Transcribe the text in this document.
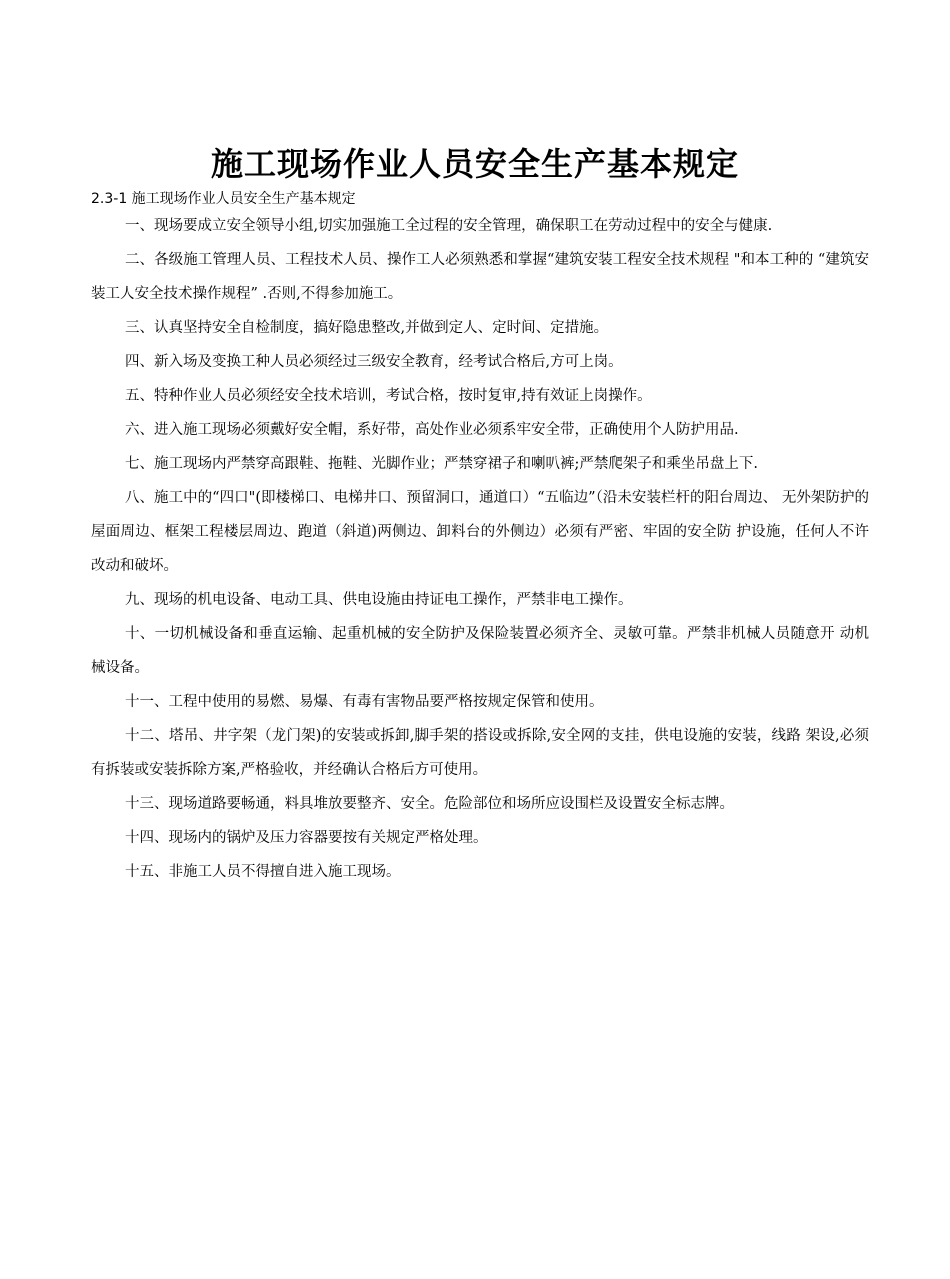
施工现场作业人员安全生产基本规定

2.3-1 施工现场作业人员安全生产基本规定

一、现场要成立安全领导小组,切实加强施工全过程的安全管理，确保职工在劳动过程中的安全与健康.

二、各级施工管理人员、工程技术人员、操作工人必须熟悉和掌握“建筑安装工程安全技术规程 "和本工种的 “建筑安装工人安全技术操作规程” .否则,不得参加施工。

三、认真坚持安全自检制度，搞好隐患整改,并做到定人、定时间、定措施。

四、新入场及变换工种人员必须经过三级安全教育，经考试合格后,方可上岗。

五、特种作业人员必须经安全技术培训，考试合格，按时复审,持有效证上岗操作。

六、进入施工现场必须戴好安全帽，系好带，高处作业必须系牢安全带，正确使用个人防护用品.

七、施工现场内严禁穿高跟鞋、拖鞋、光脚作业；严禁穿裙子和喇叭裤;严禁爬架子和乘坐吊盘上下.

八、施工中的“四口"(即楼梯口、电梯井口、预留洞口，通道口）“五临边”（沿未安装栏杆的阳台周边、 无外架防护的屋面周边、框架工程楼层周边、跑道（斜道)两侧边、卸料台的外侧边）必须有严密、牢固的安全防 护设施，任何人不许改动和破坏。

九、现场的机电设备、电动工具、供电设施由持证电工操作，严禁非电工操作。

十、一切机械设备和垂直运输、起重机械的安全防护及保险装置必须齐全、灵敏可靠。严禁非机械人员随意开 动机械设备。

十一、工程中使用的易燃、易爆、有毒有害物品要严格按规定保管和使用。

十二、塔吊、井字架（龙门架)的安装或拆卸,脚手架的搭设或拆除,安全网的支挂，供电设施的安装，线路 架设,必须有拆装或安装拆除方案,严格验收，并经确认合格后方可使用。

十三、现场道路要畅通，料具堆放要整齐、安全。危险部位和场所应设围栏及设置安全标志牌。

十四、现场内的锅炉及压力容器要按有关规定严格处理。

十五、非施工人员不得擅自进入施工现场。
